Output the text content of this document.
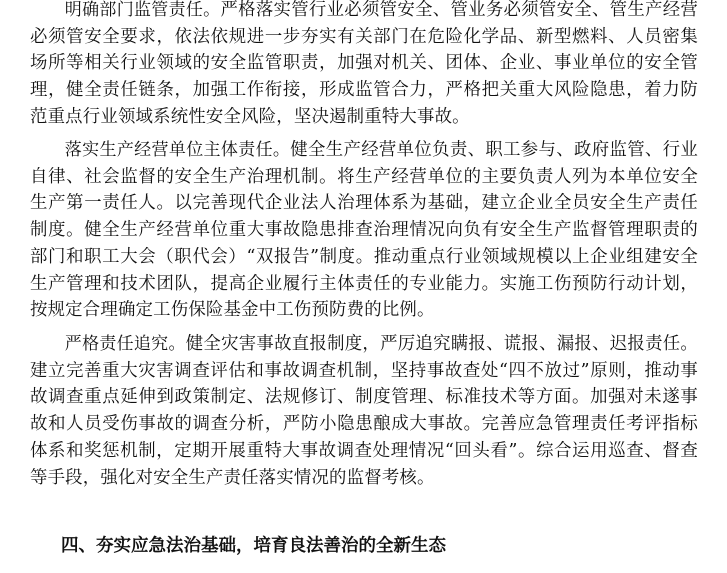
明确部门监管责任。严格落实管行业必须管安全、管业务必须管安全、管生产经营必须管安全要求，依法依规进一步夯实有关部门在危险化学品、新型燃料、人员密集场所等相关行业领域的安全监管职责，加强对机关、团体、企业、事业单位的安全管理，健全责任链条，加强工作衔接，形成监管合力，严格把关重大风险隐患，着力防范重点行业领域系统性安全风险，坚决遏制重特大事故。

落实生产经营单位主体责任。健全生产经营单位负责、职工参与、政府监管、行业自律、社会监督的安全生产治理机制。将生产经营单位的主要负责人列为本单位安全生产第一责任人。以完善现代企业法人治理体系为基础，建立企业全员安全生产责任制度。健全生产经营单位重大事故隐患排查治理情况向负有安全生产监督管理职责的部门和职工大会（职代会）“双报告”制度。推动重点行业领域规模以上企业组建安全生产管理和技术团队，提高企业履行主体责任的专业能力。实施工伤预防行动计划，按规定合理确定工伤保险基金中工伤预防费的比例。

严格责任追究。健全灾害事故直报制度，严厉追究瞒报、谎报、漏报、迟报责任。建立完善重大灾害调查评估和事故调查机制，坚持事故查处“四不放过”原则，推动事故调查重点延伸到政策制定、法规修订、制度管理、标准技术等方面。加强对未遂事故和人员受伤事故的调查分析，严防小隐患酿成大事故。完善应急管理责任考评指标体系和奖惩机制，定期开展重特大事故调查处理情况“回头看”。综合运用巡查、督查等手段，强化对安全生产责任落实情况的监督考核。

四、夯实应急法治基础，培育良法善治的全新生态
